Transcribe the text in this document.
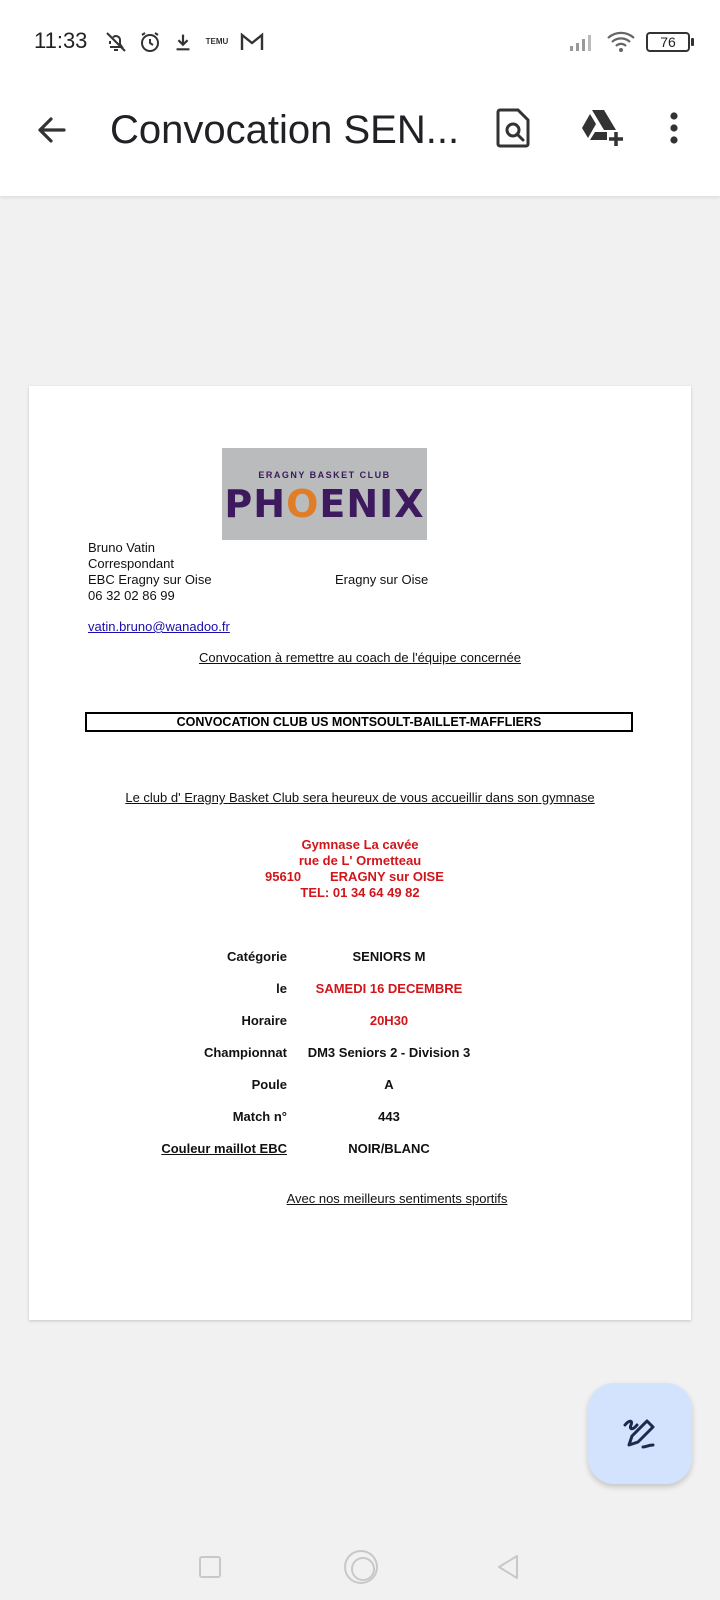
11:33	TEMU	76
Convocation SEN...
ERAGNY BASKET CLUB
PHOENIX
Bruno Vatin
Correspondant
EBC Eragny sur Oise
06 32 02 86 99
Eragny sur Oise
vatin.bruno@wanadoo.fr
Convocation à remettre au coach de l'équipe concernée
CONVOCATION CLUB US MONTSOULT-BAILLET-MAFFLIERS
Le club d' Eragny Basket Club sera heureux de vous accueillir dans son gymnase
Gymnase La cavée
rue de L' Ormetteau
95610 ERAGNY sur OISE
TEL: 01 34 64 49 82
Catégorie	SENIORS M
le	SAMEDI 16 DECEMBRE
Horaire	20H30
Championnat	DM3 Seniors 2 - Division 3
Poule	A
Match n°	443
Couleur maillot EBC	NOIR/BLANC
Avec nos meilleurs sentiments sportifs
